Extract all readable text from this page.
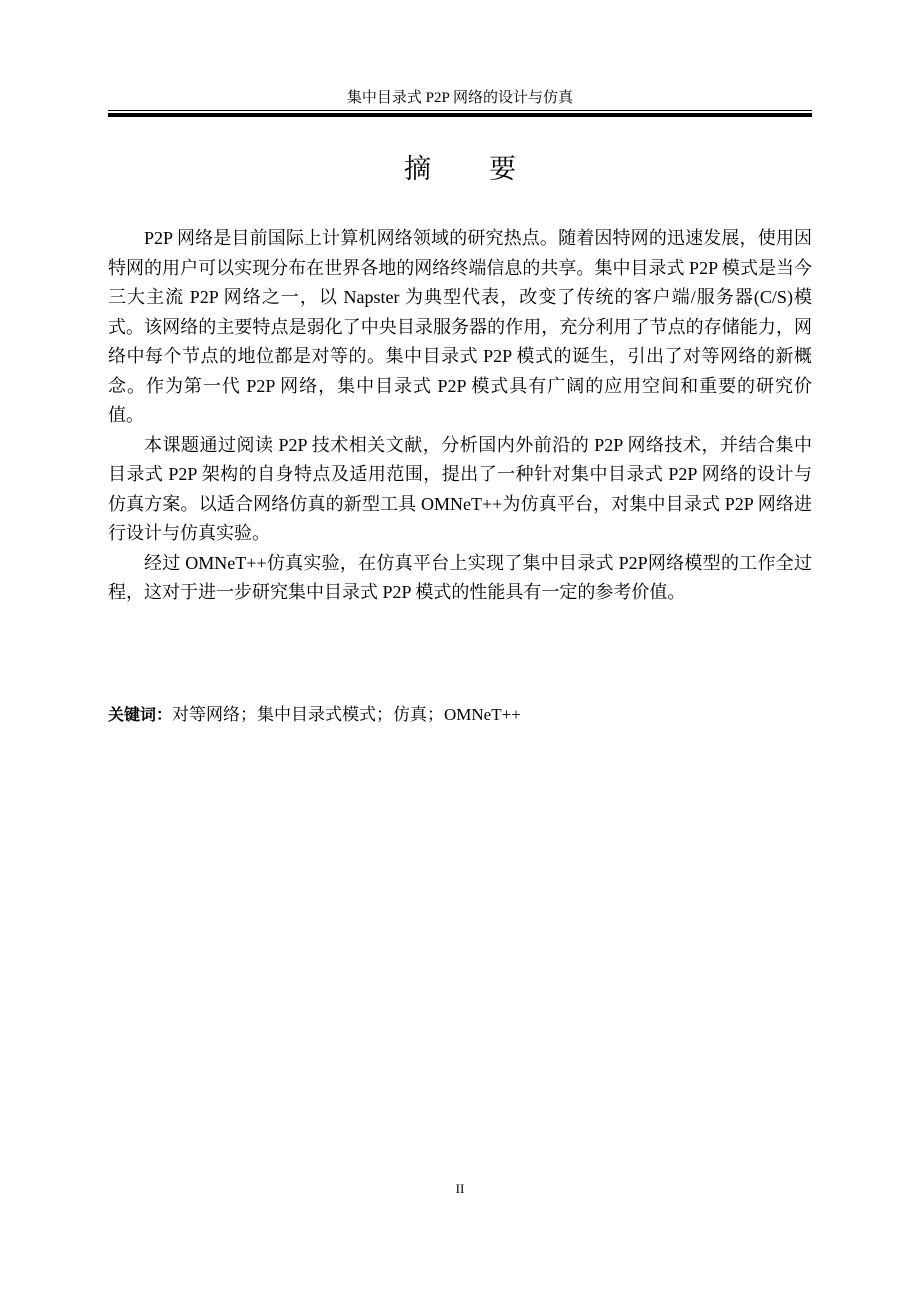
集中目录式 P2P 网络的设计与仿真
摘要

P2P 网络是目前国际上计算机网络领域的研究热点。随着因特网的迅速发展，使用因特网的用户可以实现分布在世界各地的网络终端信息的共享。集中目录式 P2P 模式是当今三大主流 P2P 网络之一，以 Napster 为典型代表，改变了传统的客户端/服务器(C/S)模式。该网络的主要特点是弱化了中央目录服务器的作用，充分利用了节点的存储能力，网络中每个节点的地位都是对等的。集中目录式 P2P 模式的诞生，引出了对等网络的新概念。作为第一代 P2P 网络，集中目录式 P2P 模式具有广阔的应用空间和重要的研究价值。

本课题通过阅读 P2P 技术相关文献，分析国内外前沿的 P2P 网络技术，并结合集中目录式 P2P 架构的自身特点及适用范围，提出了一种针对集中目录式 P2P 网络的设计与仿真方案。以适合网络仿真的新型工具 OMNeT++为仿真平台，对集中目录式 P2P 网络进行设计与仿真实验。

经过 OMNeT++仿真实验，在仿真平台上实现了集中目录式 P2P网络模型的工作全过程，这对于进一步研究集中目录式 P2P 模式的性能具有一定的参考价值。

关键词：对等网络；集中目录式模式；仿真；OMNeT++
II
